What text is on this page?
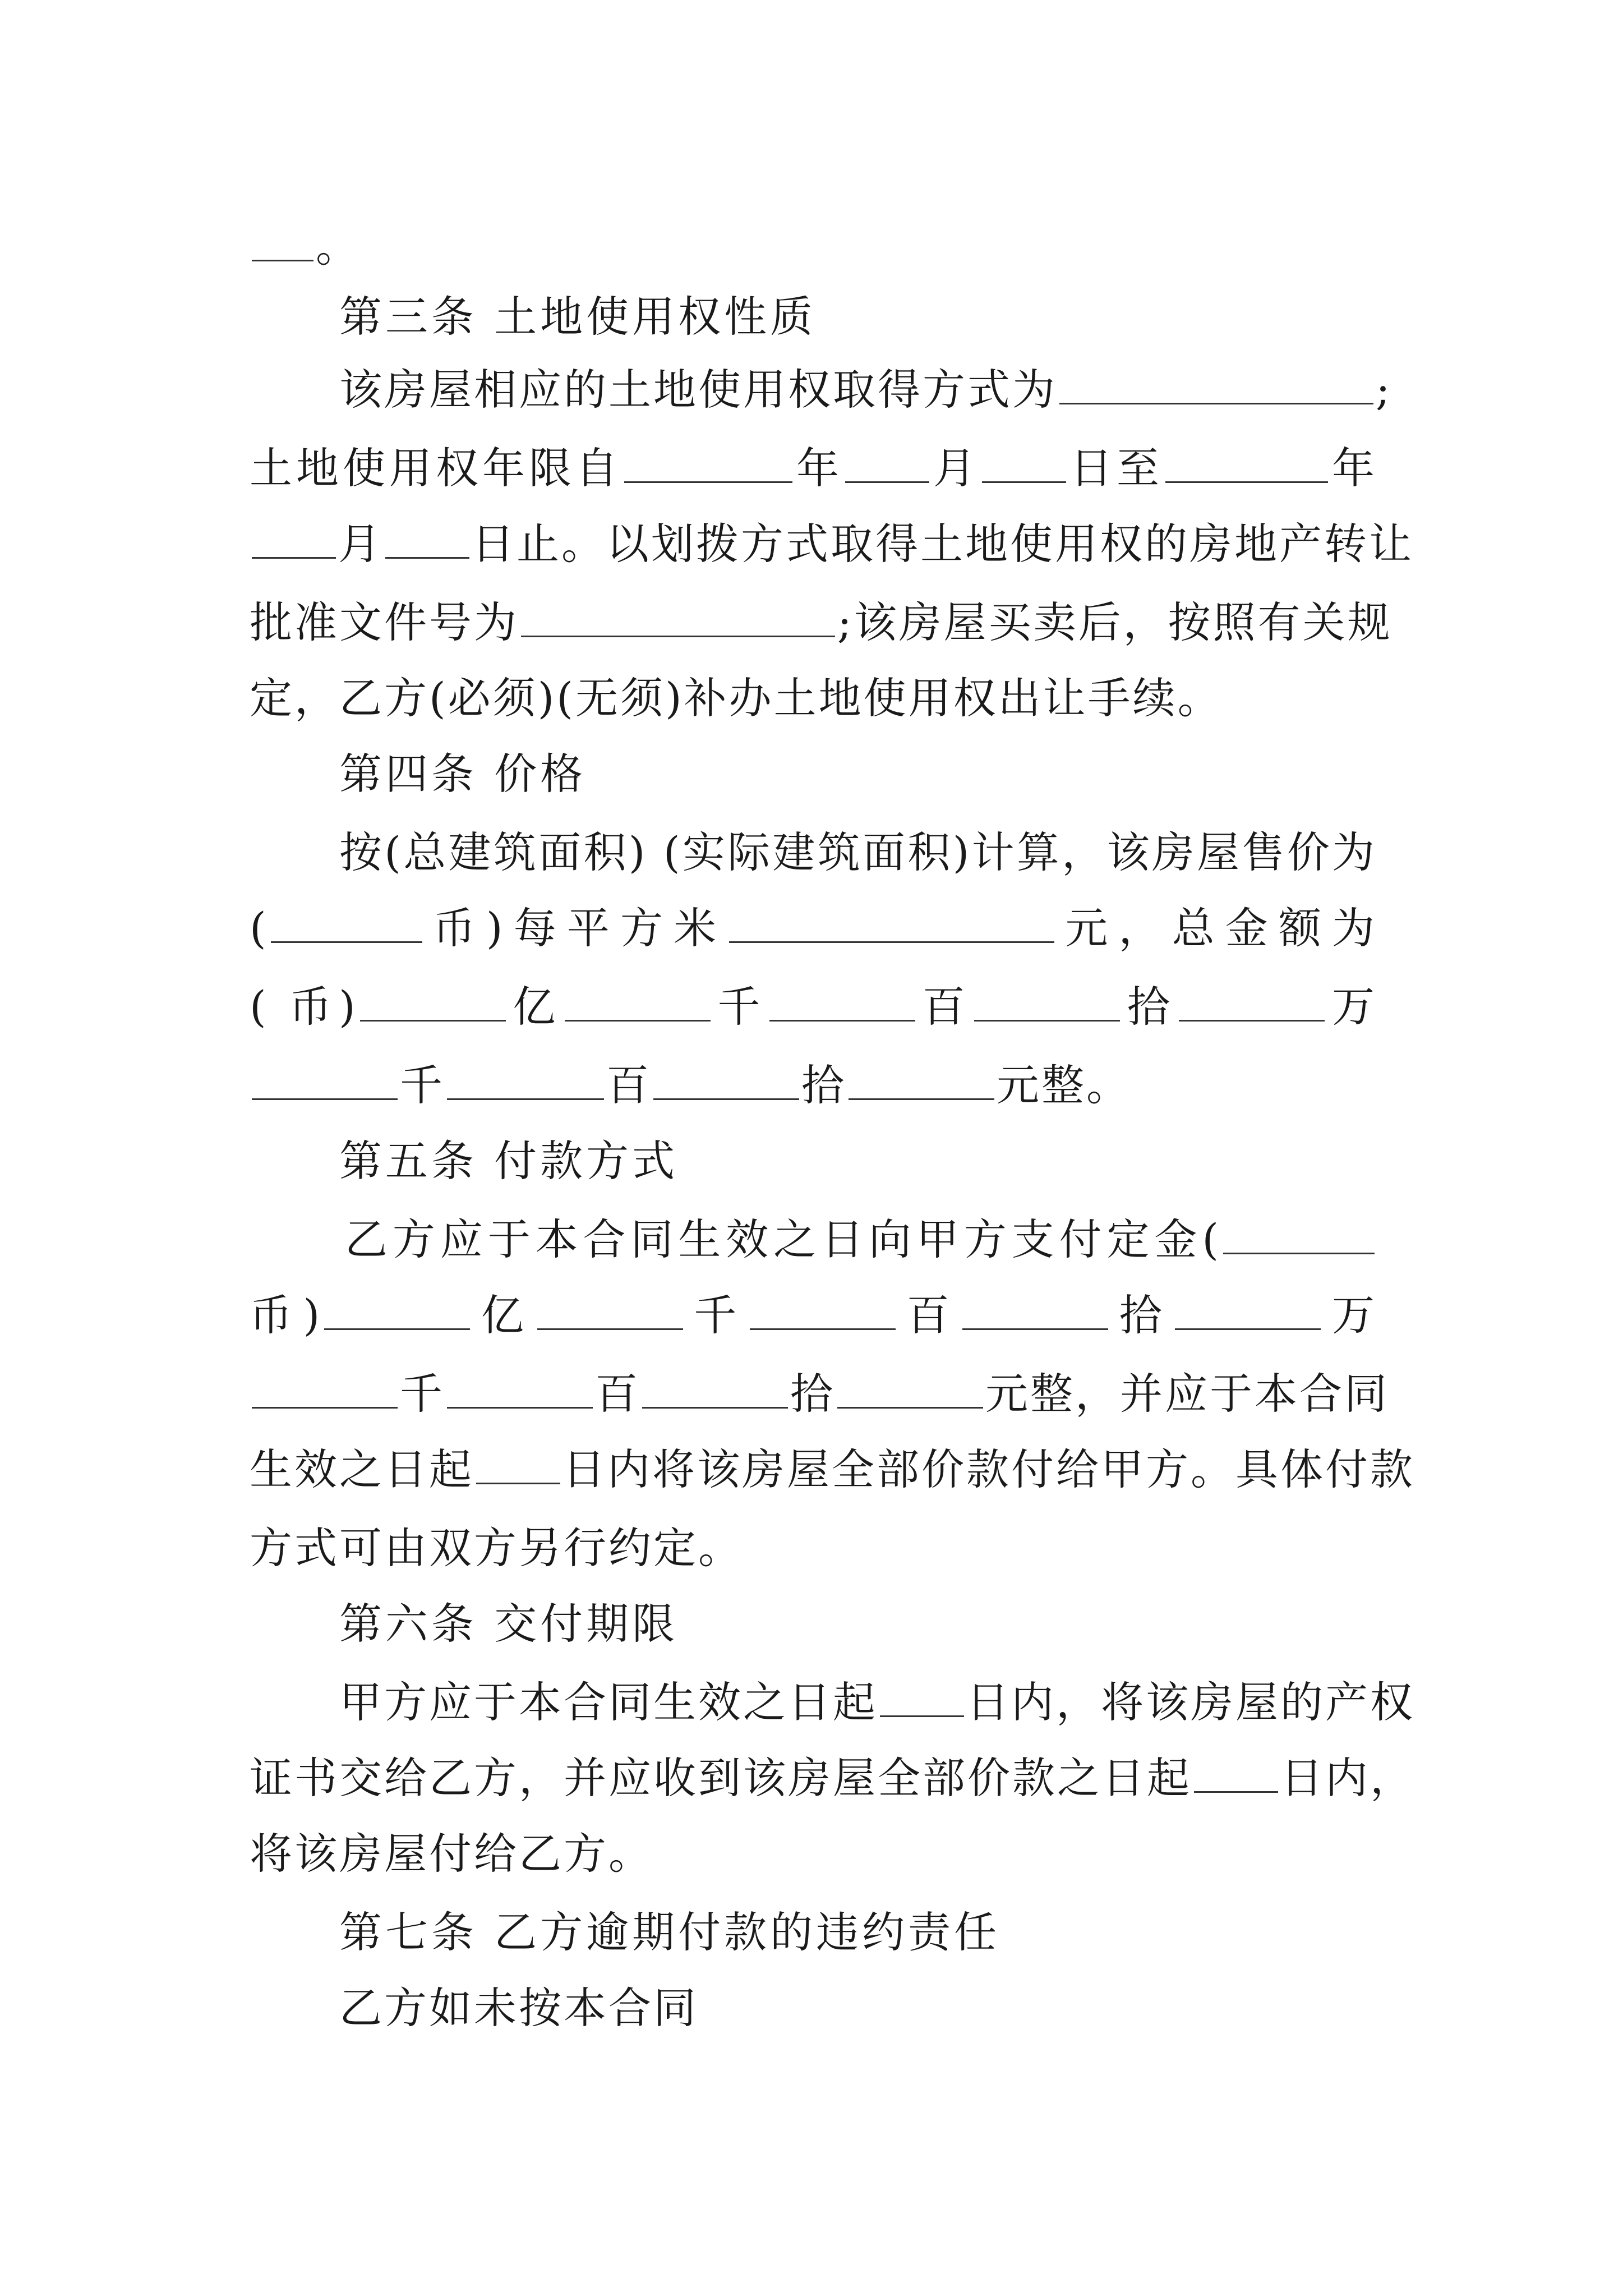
。
第三条 土地使用权性质
该房屋相应的土地使用权取得方式为	;
土地使用权年限自	年 月 日至	年
月 日止。以划拨方式取得土地使用权的房地产转让
批准文件号为	;该房屋买卖后，按照有关规
定，乙方(必须)(无须)补办土地使用权出让手续。
第四条 价格
按(总建筑面积) (实际建筑面积)计算，该房屋售价为
(	币)每平方米	元，总金额为
( 币)	亿	千	百	拾	万
千	百	拾	元整。
第五条 付款方式
乙方应于本合同生效之日向甲方支付定金(
币)	亿	千	百	拾	万
千	百	拾	元整，并应于本合同
生效之日起 日内将该房屋全部价款付给甲方。具体付款
方式可由双方另行约定。
第六条 交付期限
甲方应于本合同生效之日起 日内，将该房屋的产权
证书交给乙方，并应收到该房屋全部价款之日起 日内，
将该房屋付给乙方。
第七条 乙方逾期付款的违约责任
乙方如未按本合同
